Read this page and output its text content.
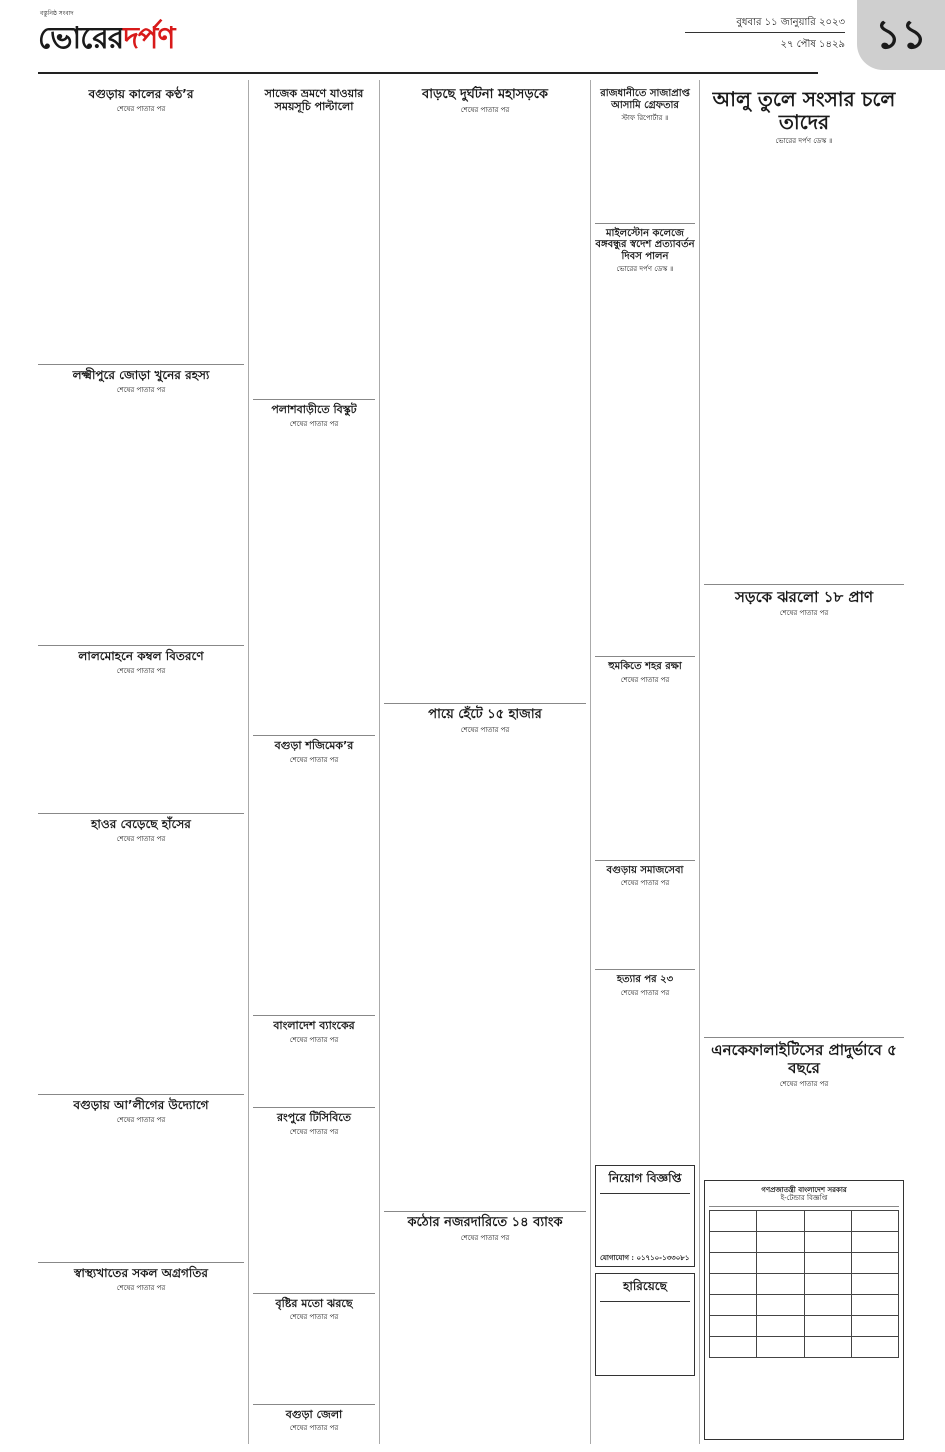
বস্তুনিষ্ঠ সংবাদ
ভোরেরদর্পণ	বুধবার ১১ জানুয়ারি ২০২৩
২৭ পৌষ ১৪২৯ ১১
বগুড়ায় কালের কণ্ঠ’র
শেষের পাতার পর

লক্ষ্মীপুরে জোড়া খুনের রহস্য
শেষের পাতার পর

লালমোহনে কম্বল বিতরণে
শেষের পাতার পর

হাওর বেড়েছে হাঁসের
শেষের পাতার পর

বগুড়ায় আ’লীগের উদ্যোগে
শেষের পাতার পর

স্বাস্থ্যখাতের সকল অগ্রগতির
শেষের পাতার পর

সাজেক ভ্রমণে যাওয়ার সময়সূচি পাল্টালো

পলাশবাড়ীতে বিস্কুট
শেষের পাতার পর

বগুড়া শজিমেক’র
শেষের পাতার পর

বাংলাদেশ ব্যাংকের
শেষের পাতার পর

রংপুরে টিসিবিতে
শেষের পাতার পর

বৃষ্টির মতো ঝরছে
শেষের পাতার পর

বগুড়া জেলা
শেষের পাতার পর

বাড়ছে দুর্ঘটনা মহাসড়কে
শেষের পাতার পর

পায়ে হেঁটে ১৫ হাজার
শেষের পাতার পর

কঠোর নজরদারিতে ১৪ ব্যাংক
শেষের পাতার পর

রাজধানীতে সাজাপ্রাপ্ত আসামি গ্রেফতার
স্টাফ রিপোর্টার ॥

মাইলস্টোন কলেজে বঙ্গবন্ধুর স্বদেশ প্রত্যাবর্তন দিবস পালন
ভোরের দর্পণ ডেস্ক ॥

হুমকিতে শহর রক্ষা
শেষের পাতার পর

বগুড়ায় সমাজসেবা
শেষের পাতার পর

হত্যার পর ২৩
শেষের পাতার পর

আলু তুলে সংসার চলে তাদের
ভোরের দর্পণ ডেস্ক ॥

সড়কে ঝরলো ১৮ প্রাণ
শেষের পাতার পর

এনকেফালাইটিসের প্রাদুর্ভাবে ৫ বছরে
শেষের পাতার পর

নিয়োগ বিজ্ঞপ্তি

যোগাযোগ : ০১৭১০-১৩৩০৮১
হারিয়েছে

গণপ্রজাতন্ত্রী বাংলাদেশ সরকার
ই-টেন্ডার বিজ্ঞপ্তি
